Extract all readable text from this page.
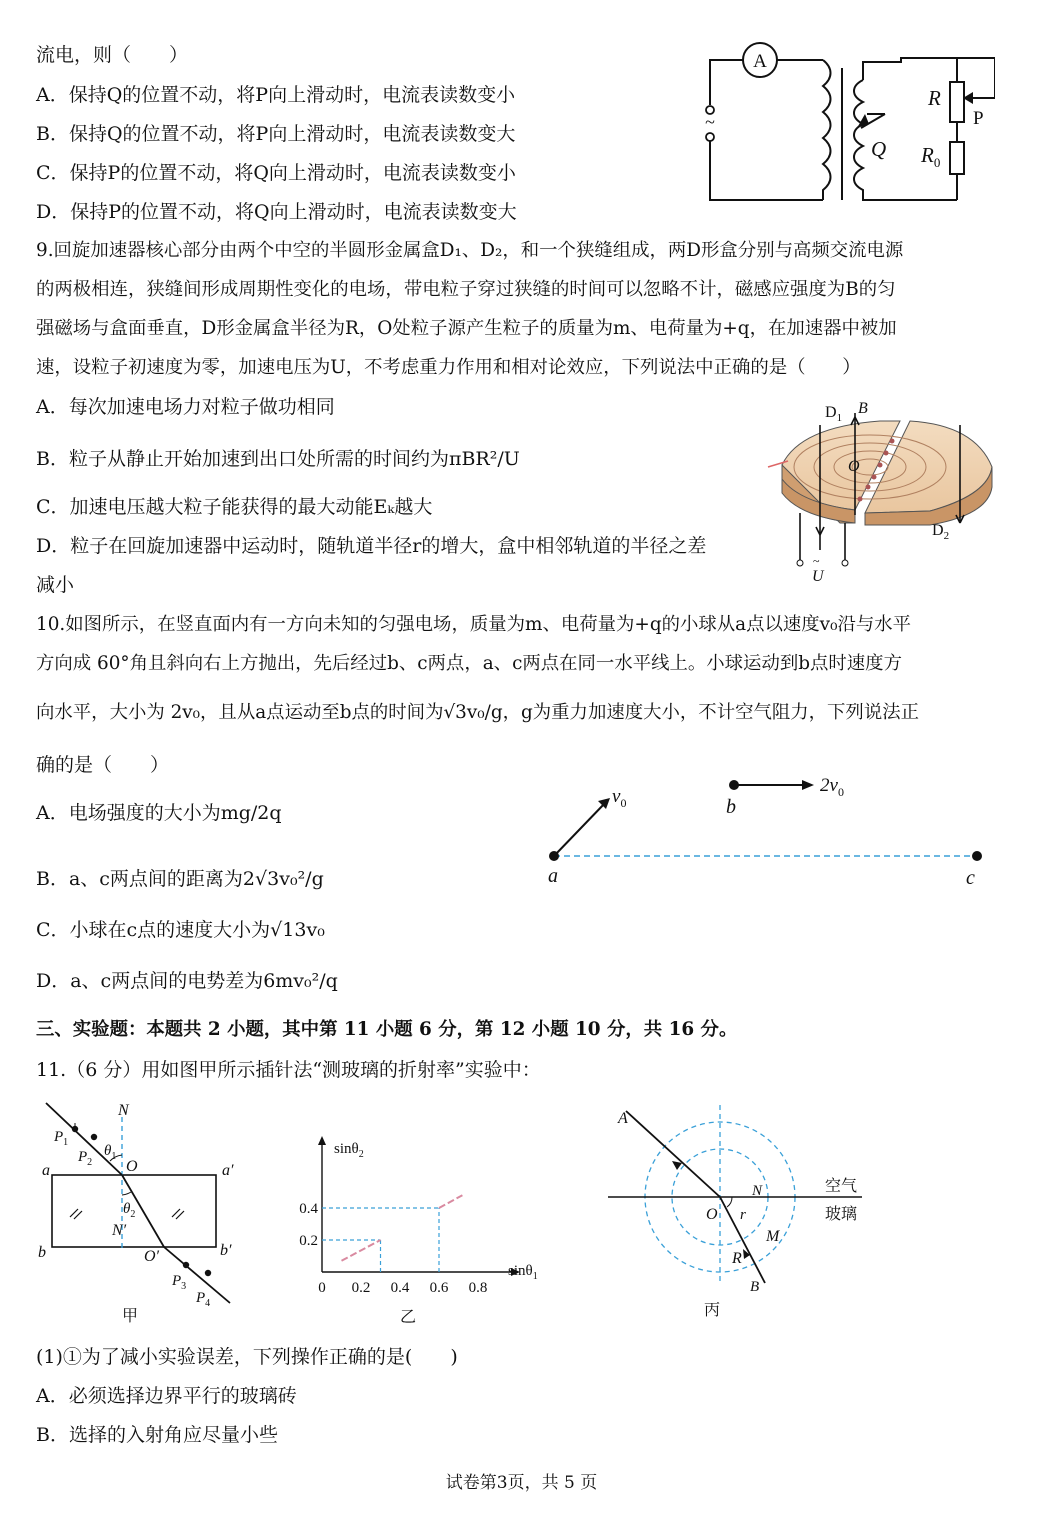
流电，则（　　）
A．保持Q的位置不动，将P向上滑动时，电流表读数变小
B．保持Q的位置不动，将P向上滑动时，电流表读数变大
C．保持P的位置不动，将Q向上滑动时，电流表读数变小
D．保持P的位置不动，将Q向上滑动时，电流表读数变大
9.回旋加速器核心部分由两个中空的半圆形金属盒D₁、D₂，和一个狭缝组成，两D形盒分别与高频交流电源
的两极相连，狭缝间形成周期性变化的电场，带电粒子穿过狭缝的时间可以忽略不计，磁感应强度为B的匀
强磁场与盒面垂直，D形金属盒半径为R，O处粒子源产生粒子的质量为m、电荷量为+q，在加速器中被加
速，设粒子初速度为零，加速电压为U，不考虑重力作用和相对论效应，下列说法中正确的是（　　）
A．每次加速电场力对粒子做功相同
B．粒子从静止开始加速到出口处所需的时间约为πBR²/U
C．加速电压越大粒子能获得的最大动能Eₖ越大
D．粒子在回旋加速器中运动时，随轨道半径r的增大，盒中相邻轨道的半径之差
减小
10.如图所示，在竖直面内有一方向未知的匀强电场，质量为m、电荷量为+q的小球从a点以速度v₀沿与水平
方向成 60°角且斜向右上方抛出，先后经过b、c两点，a、c两点在同一水平线上。小球运动到b点时速度方
向水平，大小为 2v₀，且从a点运动至b点的时间为√3v₀/g，g为重力加速度大小，不计空气阻力，下列说法正
确的是（　　）
A．电场强度的大小为mg/2q
B．a、c两点间的距离为2√3v₀²/g
C．小球在c点的速度大小为√13v₀
D．a、c两点间的电势差为6mv₀²/q
三、实验题：本题共 2 小题，其中第 11 小题 6 分，第 12 小题 10 分，共 16 分。
11.（6 分）用如图甲所示插针法“测玻璃的折射率”实验中：
(1)①为了减小实验误差，下列操作正确的是(　　)
A．必须选择边界平行的玻璃砖
B．选择的入射角应尽量小些
A
~
R
P
Q $R_0$
$D_1$
B
O
$D_2$
U
~
$v_0$	b
$2v_0$
a	c
N
$P_1$
$P_2$
$\theta_1$
O
a	a′
$\theta_2$
N′
b	O′	b′
$P_3$
$P_4$
甲
0 0.2 0.4 0.6 0.8
0.2
0.4
sinθ$_2$
sinθ$_1$
乙
A
空气
玻璃
N
O r
M
R
B
丙
试卷第3页，共 5 页
